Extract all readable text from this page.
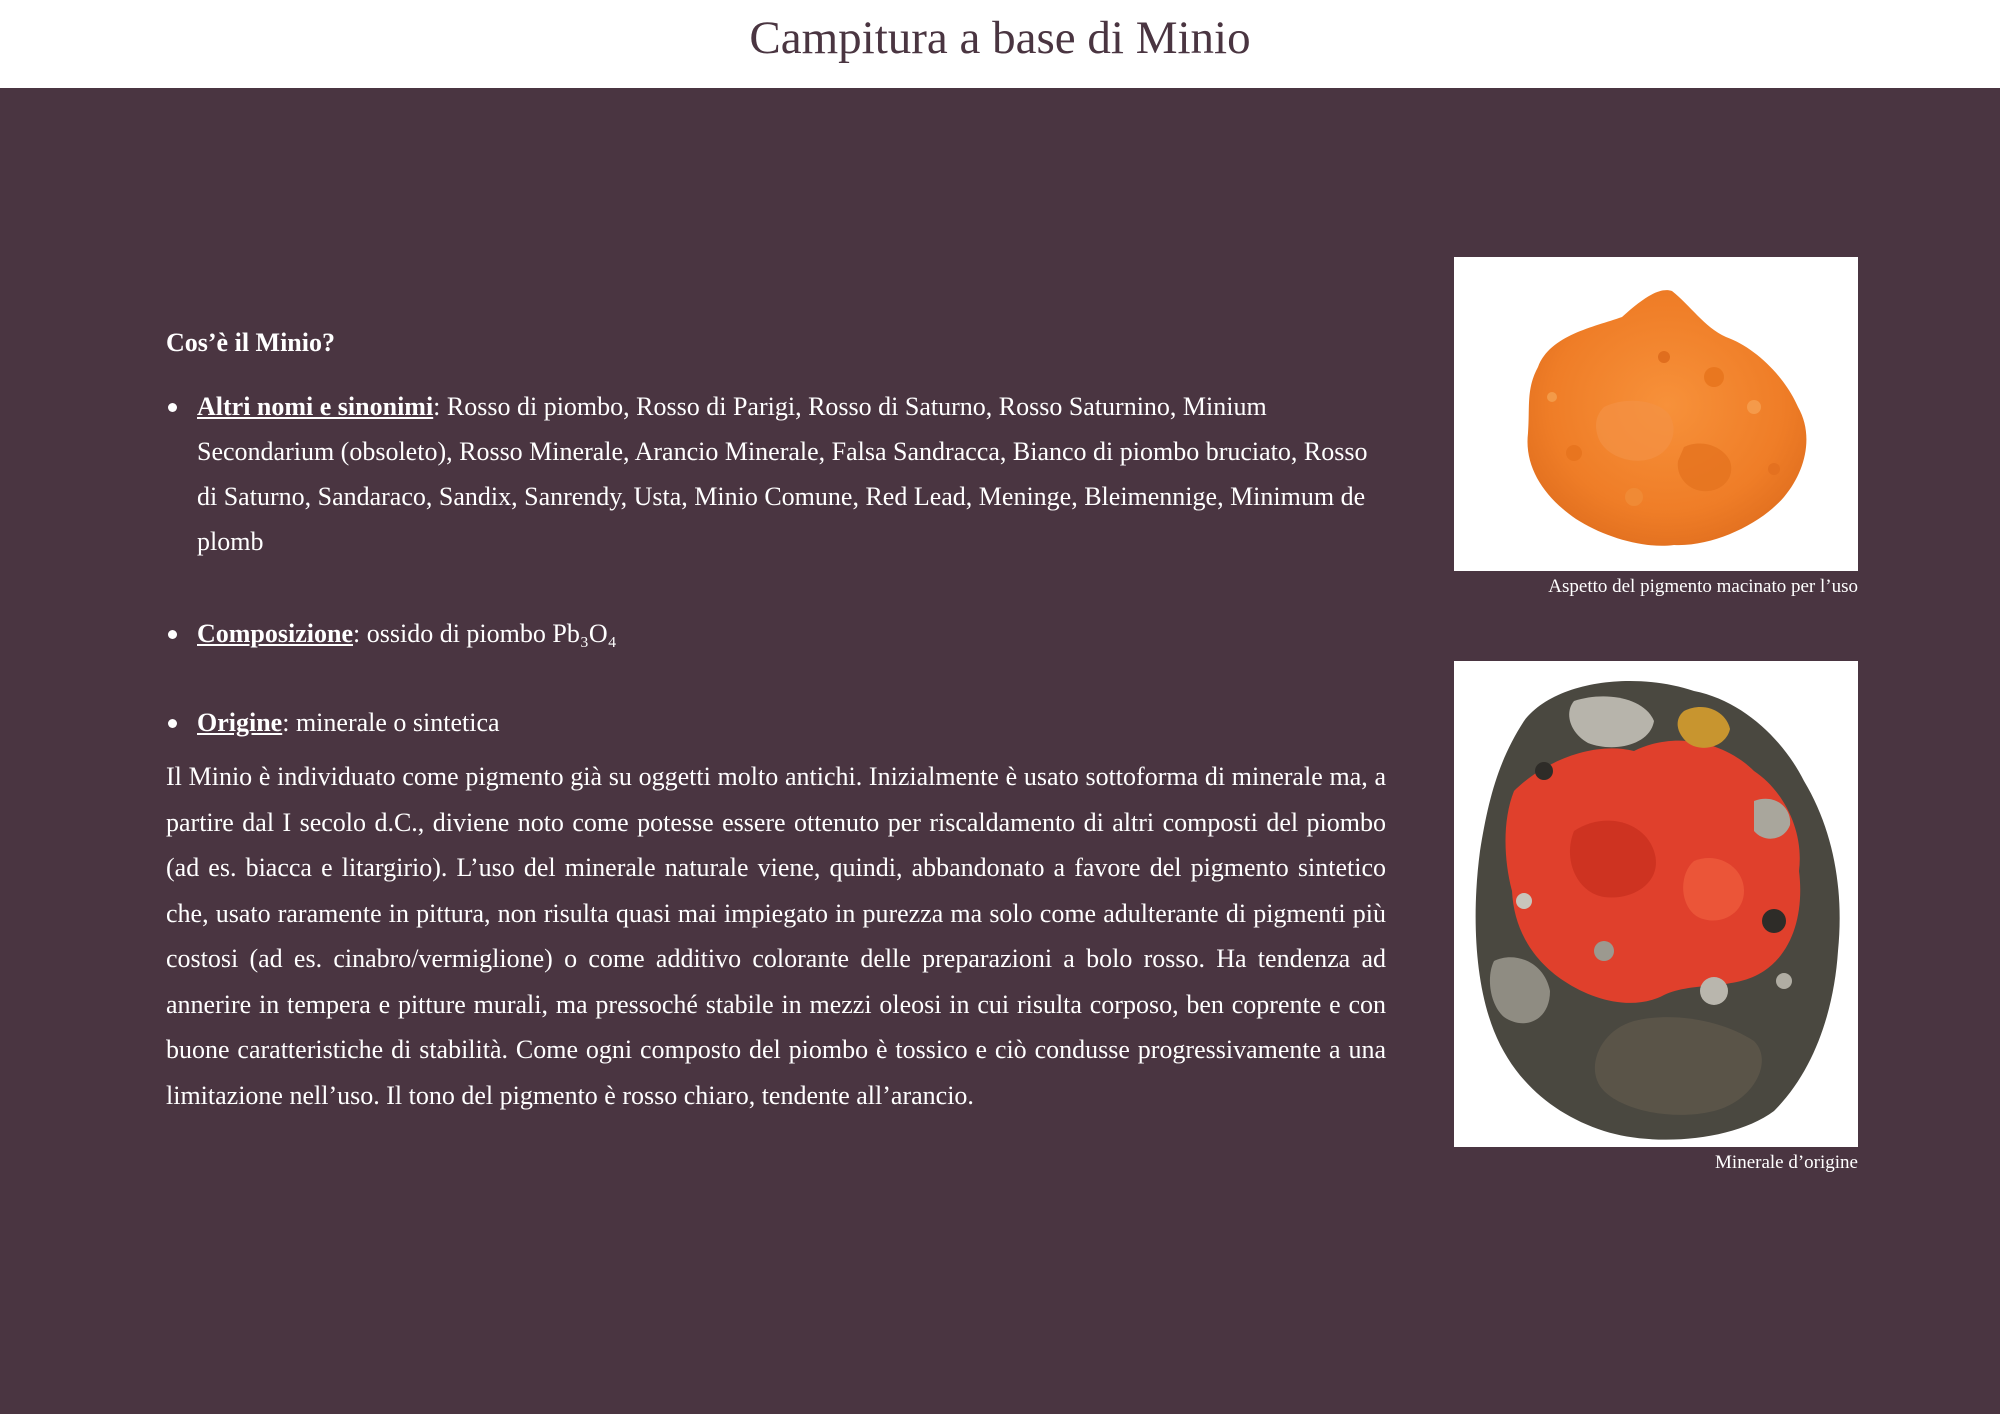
Campitura a base di Minio
Cos’è il Minio?
Altri nomi e sinonimi: Rosso di piombo, Rosso di Parigi, Rosso di Saturno, Rosso Saturnino, Minium Secondarium (obsoleto), Rosso Minerale, Arancio Minerale, Falsa Sandracca, Bianco di piombo bruciato, Rosso di Saturno, Sandaraco, Sandix, Sanrendy, Usta, Minio Comune, Red Lead, Meninge, Bleimennige, Minimum de plomb
Composizione: ossido di piombo Pb₃O₄
Origine: minerale o sintetica

Il Minio è individuato come pigmento già su oggetti molto antichi. Inizialmente è usato sottoforma di minerale ma, a partire dal I secolo d.C., diviene noto come potesse essere ottenuto per riscaldamento di altri composti del piombo (ad es. biacca e litargirio). L’uso del minerale naturale viene, quindi, abbandonato a favore del pigmento sintetico che, usato raramente in pittura, non risulta quasi mai impiegato in purezza ma solo come adulterante di pigmenti più costosi (ad es. cinabro/vermiglione) o come additivo colorante delle preparazioni a bolo rosso. Ha tendenza ad annerire in tempera e pitture murali, ma pressoché stabile in mezzi oleosi in cui risulta corposo, ben coprente e con buone caratteristiche di stabilità. Come ogni composto del piombo è tossico e ciò condusse progressivamente a una limitazione nell’uso. Il tono del pigmento è rosso chiaro, tendente all’arancio.

Aspetto del pigmento macinato per l’uso
Minerale d’origine
